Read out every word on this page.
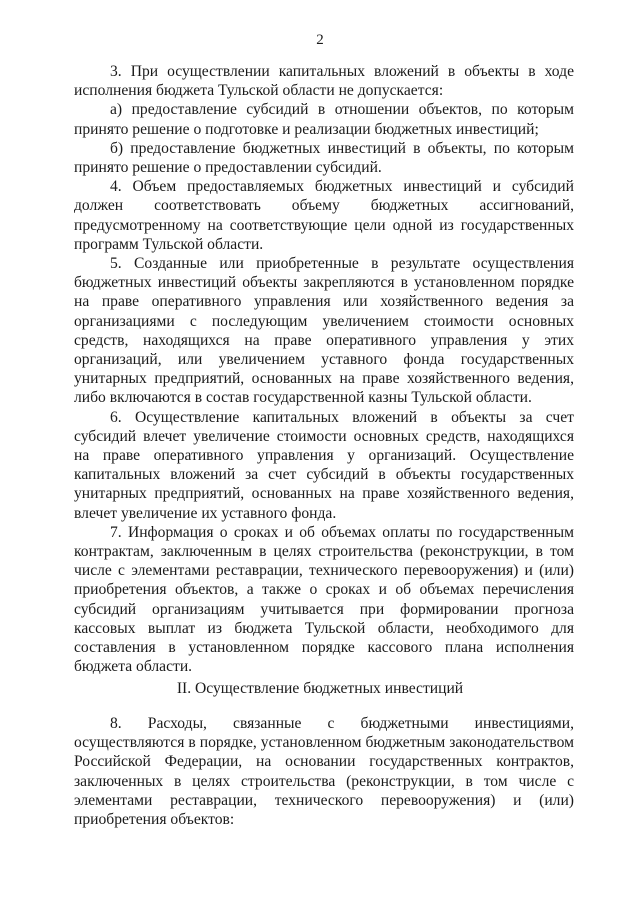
2

3. При осуществлении капитальных вложений в объекты в ходе исполнения бюджета Тульской области не допускается:

а) предоставление субсидий в отношении объектов, по которым принято решение о подготовке и реализации бюджетных инвестиций;

б) предоставление бюджетных инвестиций в объекты, по которым принято решение о предоставлении субсидий.

4. Объем предоставляемых бюджетных инвестиций и субсидий должен соответствовать объему бюджетных ассигнований, предусмотренному на соответствующие цели одной из государственных программ Тульской области.

5. Созданные или приобретенные в результате осуществления бюджетных инвестиций объекты закрепляются в установленном порядке на праве оперативного управления или хозяйственного ведения за организациями с последующим увеличением стоимости основных средств, находящихся на праве оперативного управления у этих организаций, или увеличением уставного фонда государственных унитарных предприятий, основанных на праве хозяйственного ведения, либо включаются в состав государственной казны Тульской области.

6. Осуществление капитальных вложений в объекты за счет субсидий влечет увеличение стоимости основных средств, находящихся на праве оперативного управления у организаций. Осуществление капитальных вложений за счет субсидий в объекты государственных унитарных предприятий, основанных на праве хозяйственного ведения, влечет увеличение их уставного фонда.

7. Информация о сроках и об объемах оплаты по государственным контрактам, заключенным в целях строительства (реконструкции, в том числе с элементами реставрации, технического перевооружения) и (или) приобретения объектов, а также о сроках и об объемах перечисления субсидий организациям учитывается при формировании прогноза кассовых выплат из бюджета Тульской области, необходимого для составления в установленном порядке кассового плана исполнения бюджета области.

II. Осуществление бюджетных инвестиций

8. Расходы, связанные с бюджетными инвестициями, осуществляются в порядке, установленном бюджетным законодательством Российской Федерации, на основании государственных контрактов, заключенных в целях строительства (реконструкции, в том числе с элементами реставрации, технического перевооружения) и (или) приобретения объектов:
